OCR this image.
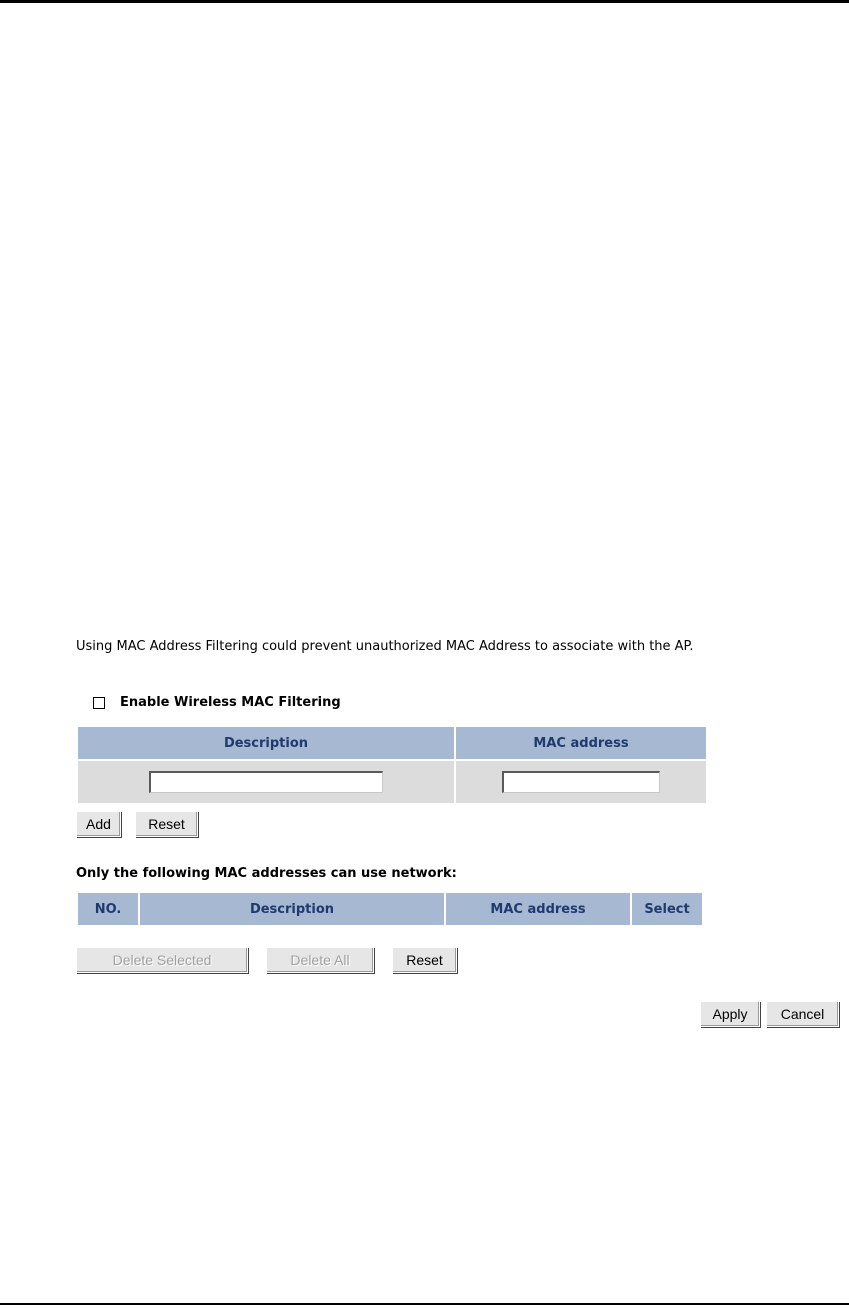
Using MAC Address Filtering could prevent unauthorized MAC Address to associate with the AP.
Enable Wireless MAC Filtering
Description	MAC address

Add	Reset
Only the following MAC addresses can use network:
NO.	Description	MAC address	Select
Delete Selected	Delete All	Reset
Apply	Cancel
